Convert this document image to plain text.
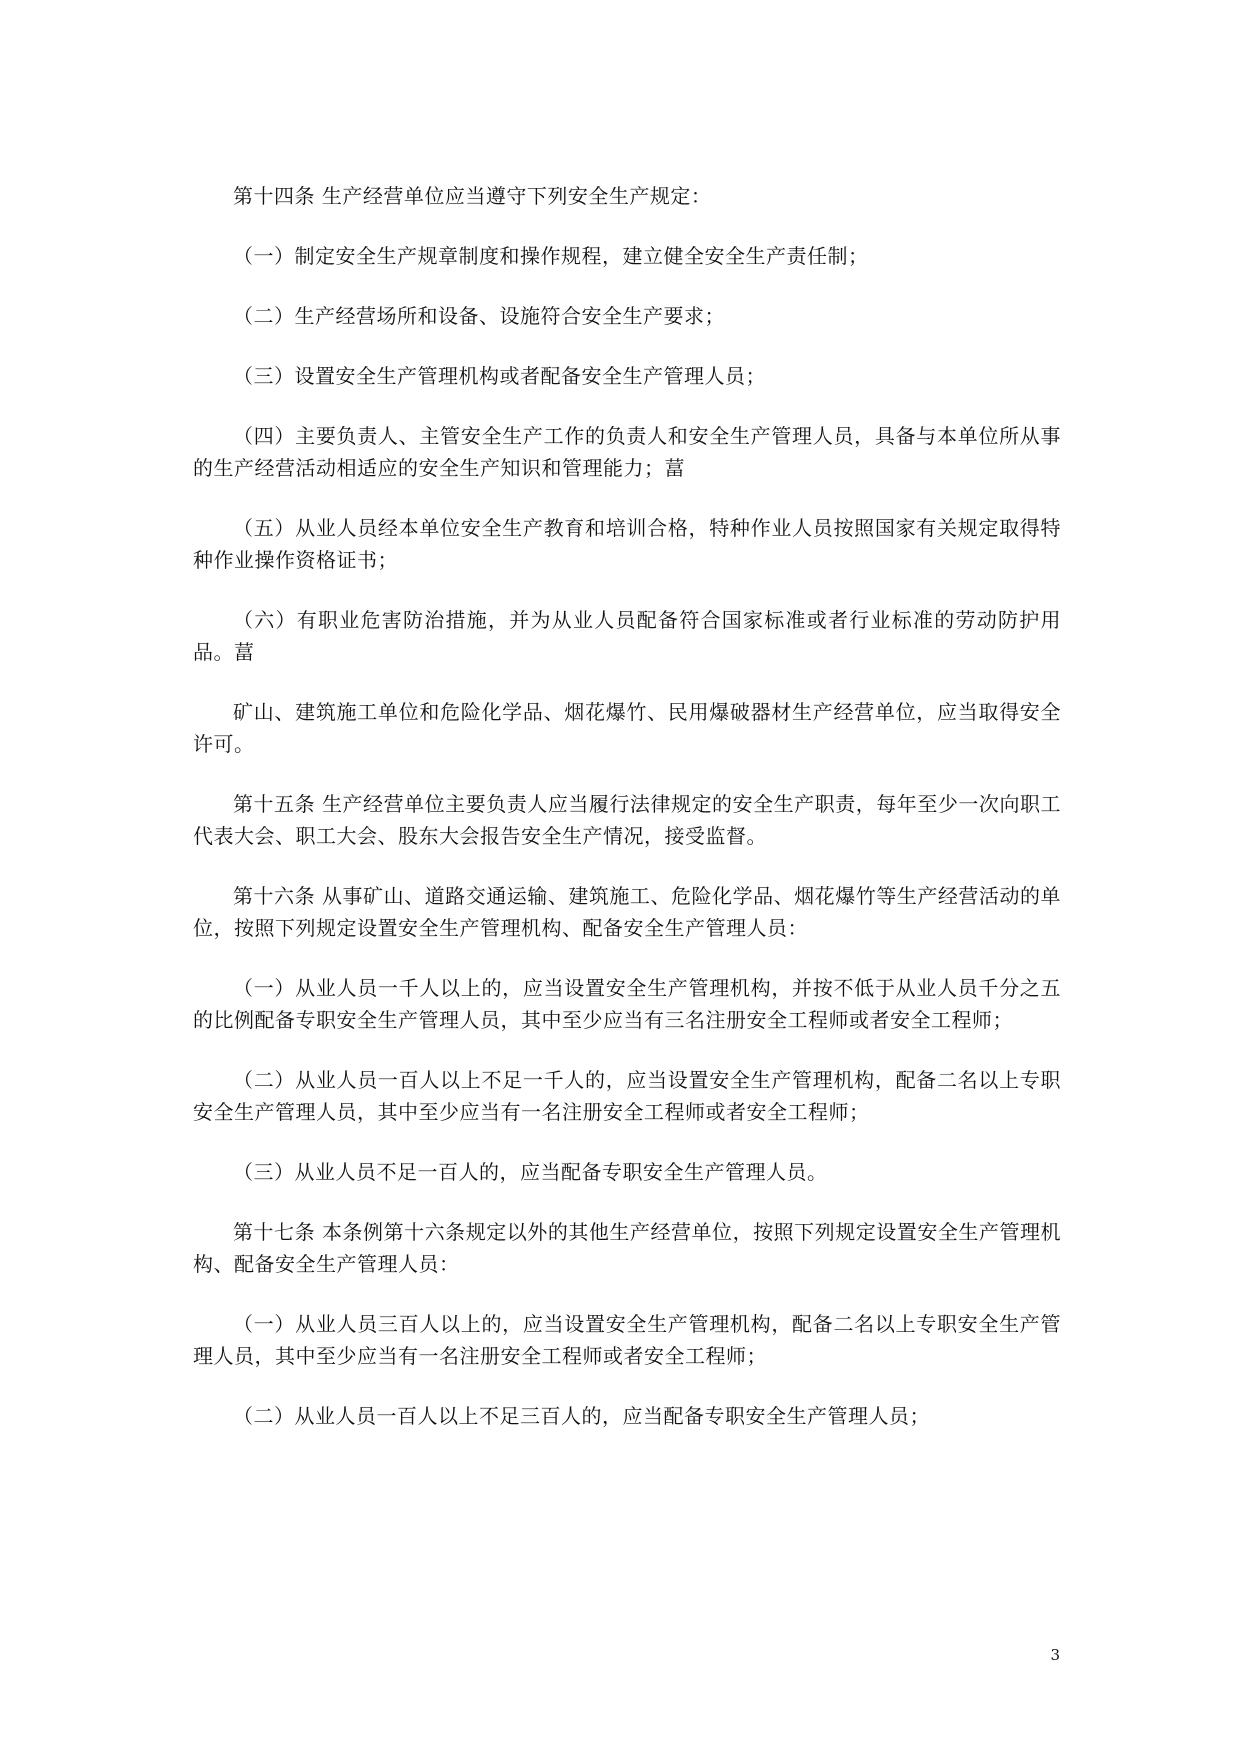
第十四条 生产经营单位应当遵守下列安全生产规定：

（一）制定安全生产规章制度和操作规程，建立健全安全生产责任制；

（二）生产经营场所和设备、设施符合安全生产要求；

（三）设置安全生产管理机构或者配备安全生产管理人员；

（四）主要负责人、主管安全生产工作的负责人和安全生产管理人员，具备与本单位所从事的生产经营活动相适应的安全生产知识和管理能力；葍

（五）从业人员经本单位安全生产教育和培训合格，特种作业人员按照国家有关规定取得特种作业操作资格证书；

（六）有职业危害防治措施，并为从业人员配备符合国家标准或者行业标准的劳动防护用品。葍

矿山、建筑施工单位和危险化学品、烟花爆竹、民用爆破器材生产经营单位，应当取得安全许可。

第十五条 生产经营单位主要负责人应当履行法律规定的安全生产职责，每年至少一次向职工代表大会、职工大会、股东大会报告安全生产情况，接受监督。

第十六条 从事矿山、道路交通运输、建筑施工、危险化学品、烟花爆竹等生产经营活动的单位，按照下列规定设置安全生产管理机构、配备安全生产管理人员：

（一）从业人员一千人以上的，应当设置安全生产管理机构，并按不低于从业人员千分之五的比例配备专职安全生产管理人员，其中至少应当有三名注册安全工程师或者安全工程师；

（二）从业人员一百人以上不足一千人的，应当设置安全生产管理机构，配备二名以上专职安全生产管理人员，其中至少应当有一名注册安全工程师或者安全工程师；

（三）从业人员不足一百人的，应当配备专职安全生产管理人员。

第十七条 本条例第十六条规定以外的其他生产经营单位，按照下列规定设置安全生产管理机构、配备安全生产管理人员：

（一）从业人员三百人以上的，应当设置安全生产管理机构，配备二名以上专职安全生产管理人员，其中至少应当有一名注册安全工程师或者安全工程师；

（二）从业人员一百人以上不足三百人的，应当配备专职安全生产管理人员；

3
